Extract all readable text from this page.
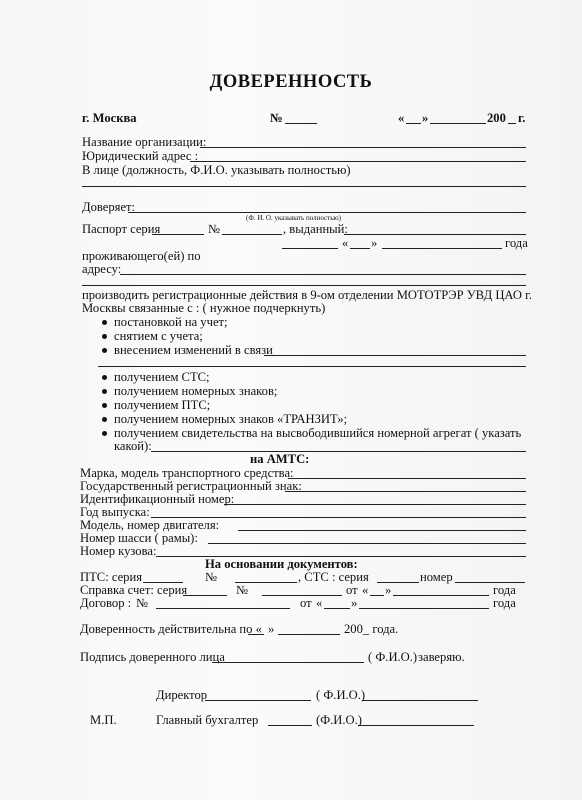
ДОВЕРЕННОСТЬ
г. Москва	№	« »	200 г.
Название организации:
Юридический адрес :
В лице (должность, Ф.И.О. указывать полностью)
Доверяет:
(Ф. И. О. указывать полностью)
Паспорт серия	№	, выданный:
« »	года
проживающего(ей) по
адресу:
производить регистрационные действия в 9-ом отделении МОТОТРЭР УВД ЦАО г.
Москвы связанные с : ( нужное подчеркнуть)
постановкой на учет;
снятием с учета;
внесением изменений в связи
получением СТС;
получением номерных знаков;
получением ПТС;
получением номерных знаков «ТРАНЗИТ»;
получением свидетельства на высвободившийся номерной агрегат ( указать
какой):
на АМТС:
Марка, модель транспортного средства:
Государственный регистрационный знак:
Идентификационный номер:
Год выпуска:
Модель, номер двигателя:
Номер шасси ( рамы):
Номер кузова:
На основании документов:
ПТС: серия	№	, СТС : серия	номер
Справка счет: серия	№	от « »	года
Договор : №	от « »	года
Доверенность действительна по « »	200_ года.
Подпись доверенного лица	( Ф.И.О.) заверяю.
Директор	( Ф.И.О.)
М.П.	Главный бухгалтер	(Ф.И.О.)
